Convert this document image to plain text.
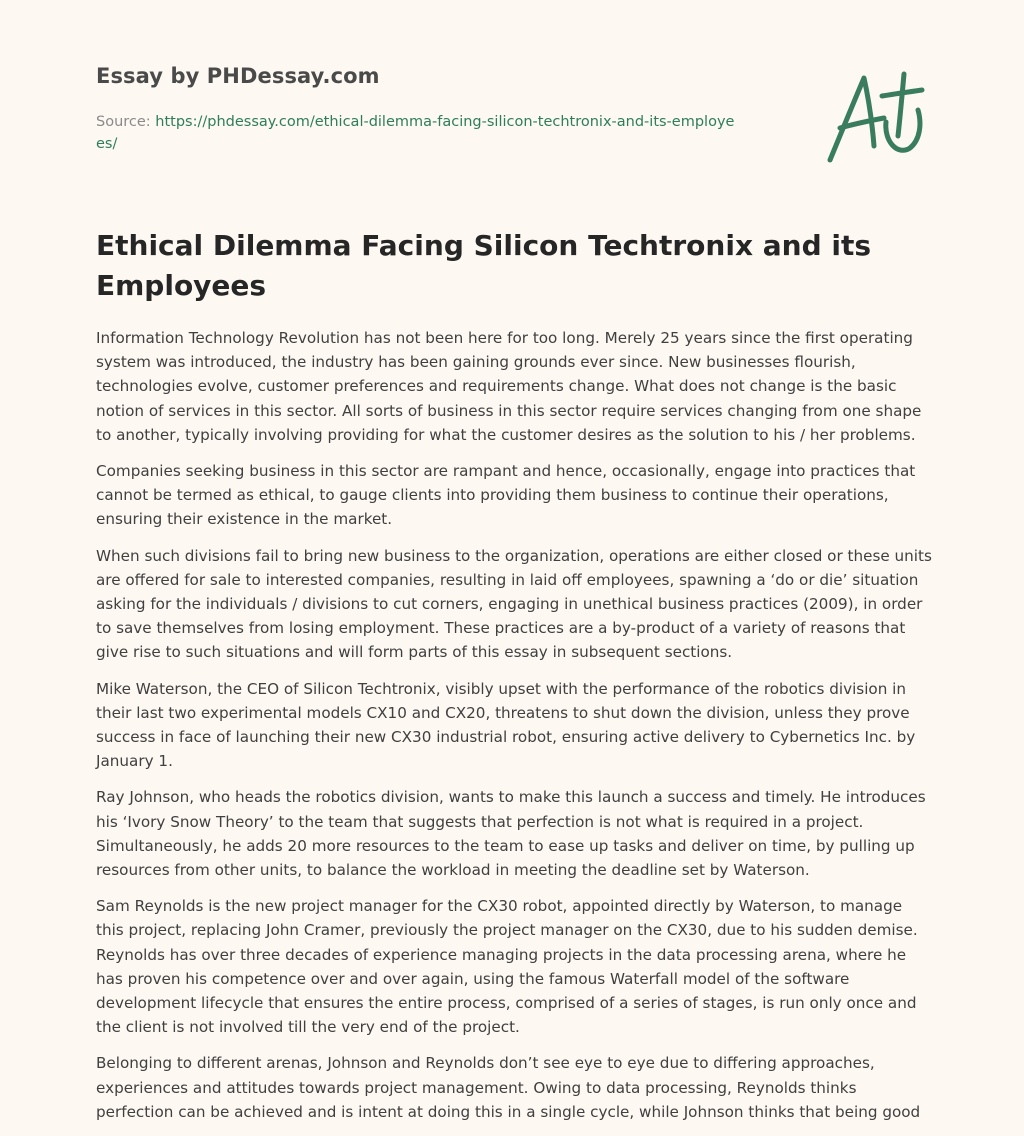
Essay by PHDessay.com
Source: https://phdessay.com/ethical-dilemma-facing-silicon-techtronix-and-its-employees/
Ethical Dilemma Facing Silicon Techtronix and its Employees

Information Technology Revolution has not been here for too long. Merely 25 years since the first operating system was introduced, the industry has been gaining grounds ever since. New businesses flourish, technologies evolve, customer preferences and requirements change. What does not change is the basic notion of services in this sector. All sorts of business in this sector require services changing from one shape to another, typically involving providing for what the customer desires as the solution to his / her problems.

Companies seeking business in this sector are rampant and hence, occasionally, engage into practices that cannot be termed as ethical, to gauge clients into providing them business to continue their operations, ensuring their existence in the market.

When such divisions fail to bring new business to the organization, operations are either closed or these units are offered for sale to interested companies, resulting in laid off employees, spawning a ‘do or die’ situation asking for the individuals / divisions to cut corners, engaging in unethical business practices (2009), in order to save themselves from losing employment. These practices are a by-product of a variety of reasons that give rise to such situations and will form parts of this essay in subsequent sections.

Mike Waterson, the CEO of Silicon Techtronix, visibly upset with the performance of the robotics division in their last two experimental models CX10 and CX20, threatens to shut down the division, unless they prove success in face of launching their new CX30 industrial robot, ensuring active delivery to Cybernetics Inc. by January 1.

Ray Johnson, who heads the robotics division, wants to make this launch a success and timely. He introduces his ‘Ivory Snow Theory’ to the team that suggests that perfection is not what is required in a project. Simultaneously, he adds 20 more resources to the team to ease up tasks and deliver on time, by pulling up resources from other units, to balance the workload in meeting the deadline set by Waterson.

Sam Reynolds is the new project manager for the CX30 robot, appointed directly by Waterson, to manage this project, replacing John Cramer, previously the project manager on the CX30, due to his sudden demise. Reynolds has over three decades of experience managing projects in the data processing arena, where he has proven his competence over and over again, using the famous Waterfall model of the software development lifecycle that ensures the entire process, comprised of a series of stages, is run only once and the client is not involved till the very end of the project.

Belonging to different arenas, Johnson and Reynolds don’t see eye to eye due to differing approaches, experiences and attitudes towards project management. Owing to data processing, Reynolds thinks perfection can be achieved and is intent at doing this in a single cycle, while Johnson thinks that being good
